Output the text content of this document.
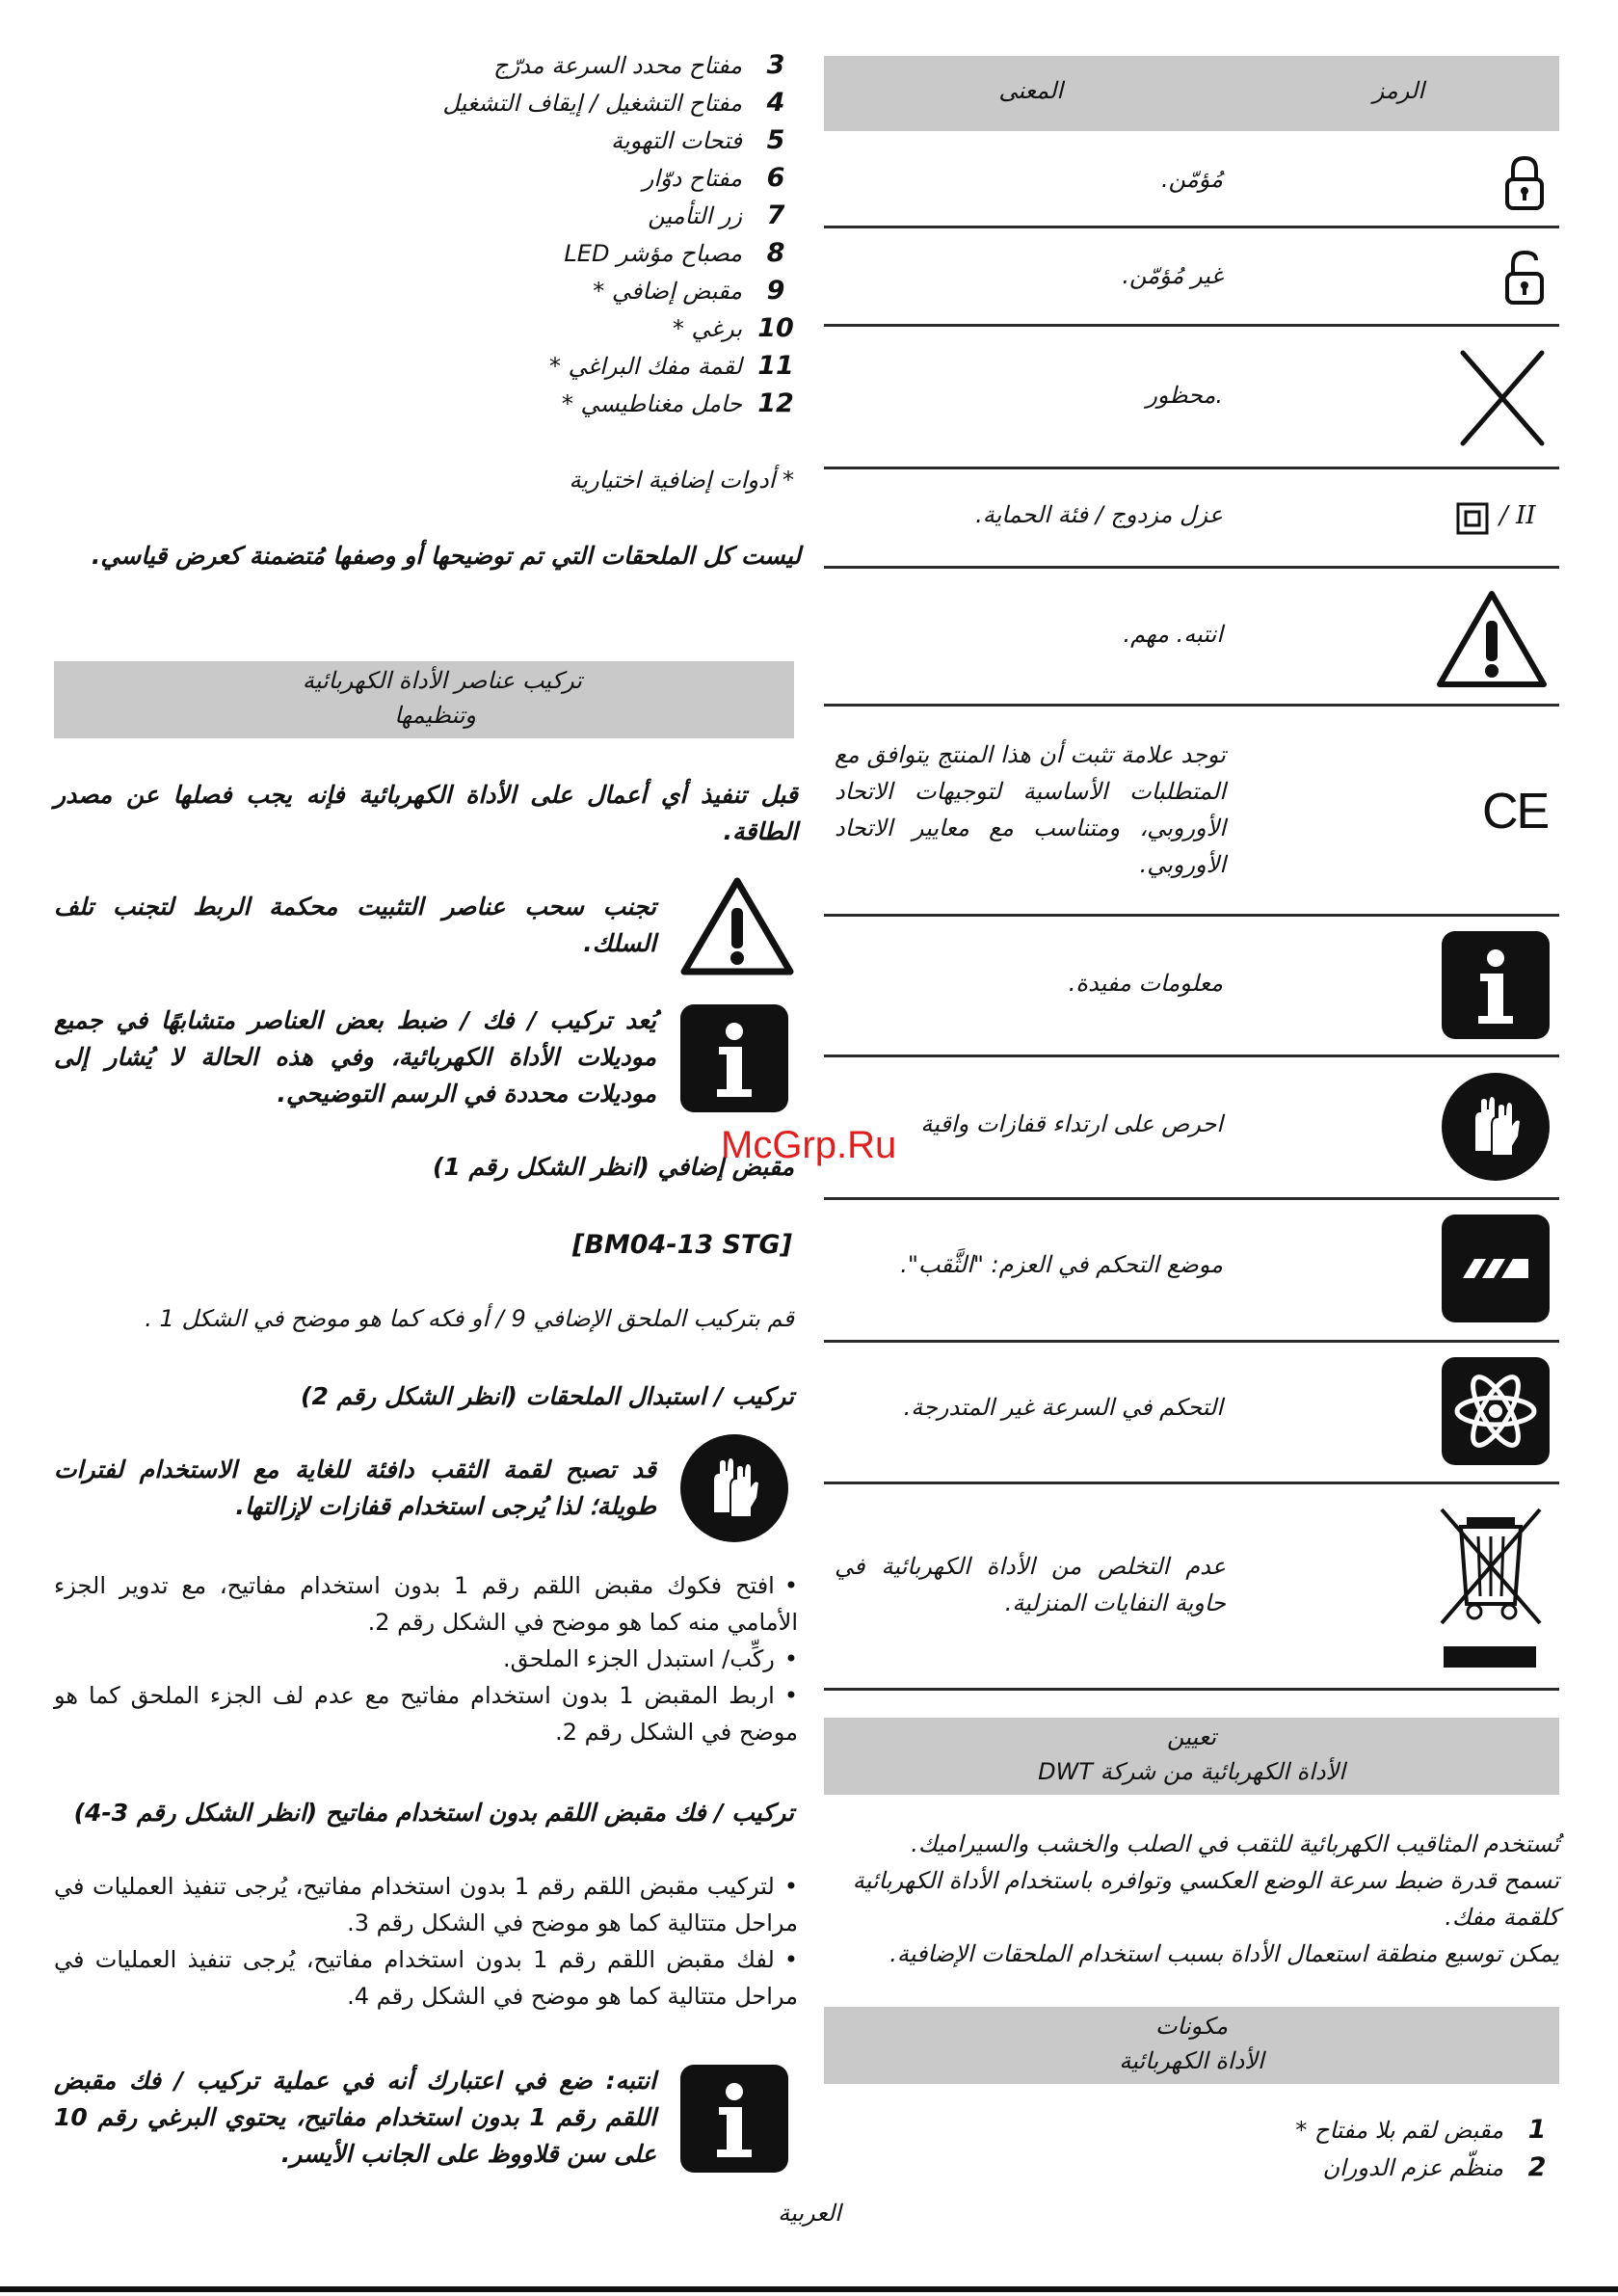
3
مفتاح محدد السرعة مدرّج
4
مفتاح التشغيل / إيقاف التشغيل
5
فتحات التهوية
6
مفتاح دوّار
7
زر التأمين
8
مصباح مؤشر LED
9
مقبض إضافي *
10
برغي *
11
لقمة مفك البراغي *
12
حامل مغناطيسي *

* أدوات إضافية اختيارية

ليست كل الملحقات التي تم توضيحها أو وصفها مُتضمنة كعرض قياسي.

تركيب عناصر الأداة الكهربائية

وتنظيمها

قبل تنفيذ أي أعمال على الأداة الكهربائية فإنه يجب فصلها عن مصدر الطاقة.

تجنب سحب عناصر التثبيت محكمة الربط لتجنب تلف السلك.

يُعد تركيب / فك / ضبط بعض العناصر متشابهًا في جميع موديلات الأداة الكهربائية، وفي هذه الحالة لا يُشار إلى موديلات محددة في الرسم التوضيحي.

مقبض إضافي (انظر الشكل رقم 1)

McGrp.Ru

[BM04-13 STG]

قم بتركيب الملحق الإضافي 9 / أو فكه كما هو موضح في الشكل 1 .

تركيب / استبدال الملحقات (انظر الشكل رقم 2)

قد تصبح لقمة الثقب دافئة للغاية مع الاستخدام لفترات طويلة؛ لذا يُرجى استخدام قفازات لإزالتها.

• افتح فكوك مقبض اللقم رقم 1 بدون استخدام مفاتيح، مع تدوير الجزء الأمامي منه كما هو موضح في الشكل رقم 2.

• ركِّب/ استبدل الجزء الملحق.

• اربط المقبض 1 بدون استخدام مفاتيح مع عدم لف الجزء الملحق كما هو موضح في الشكل رقم 2.

تركيب / فك مقبض اللقم بدون استخدام مفاتيح (انظر الشكل رقم 3-4)

• لتركيب مقبض اللقم رقم 1 بدون استخدام مفاتيح، يُرجى تنفيذ العمليات في مراحل متتالية كما هو موضح في الشكل رقم 3.

• لفك مقبض اللقم رقم 1 بدون استخدام مفاتيح، يُرجى تنفيذ العمليات في مراحل متتالية كما هو موضح في الشكل رقم 4.

انتبه: ضع في اعتبارك أنه في عملية تركيب / فك مقبض اللقم رقم 1 بدون استخدام مفاتيح، يحتوي البرغي رقم 10 على سن قلاووظ على الجانب الأيسر.

الرمز

المعنى

/ II
CE

مُؤمّن.

غير مُؤمّن.

.محظور

عزل مزدوج / فئة الحماية.

انتبه. مهم.

توجد علامة تثبت أن هذا المنتج يتوافق مع المتطلبات الأساسية لتوجيهات الاتحاد الأوروبي، ومتناسب مع معايير الاتحاد الأوروبي.

معلومات مفيدة.

احرص على ارتداء قفازات واقية

موضع التحكم في العزم: "الثَّقب".

التحكم في السرعة غير المتدرجة.

عدم التخلص من الأداة الكهربائية في حاوية النفايات المنزلية.

تعيين

الأداة الكهربائية من شركة DWT

تُستخدم المثاقيب الكهربائية للثقب في الصلب والخشب والسيراميك.

تسمح قدرة ضبط سرعة الوضع العكسي وتوافره باستخدام الأداة الكهربائية كلقمة مفك.

يمكن توسيع منطقة استعمال الأداة بسبب استخدام الملحقات الإضافية.

مكونات

الأداة الكهربائية

1
مقبض لقم بلا مفتاح *
2
منظّم عزم الدوران

العربية
